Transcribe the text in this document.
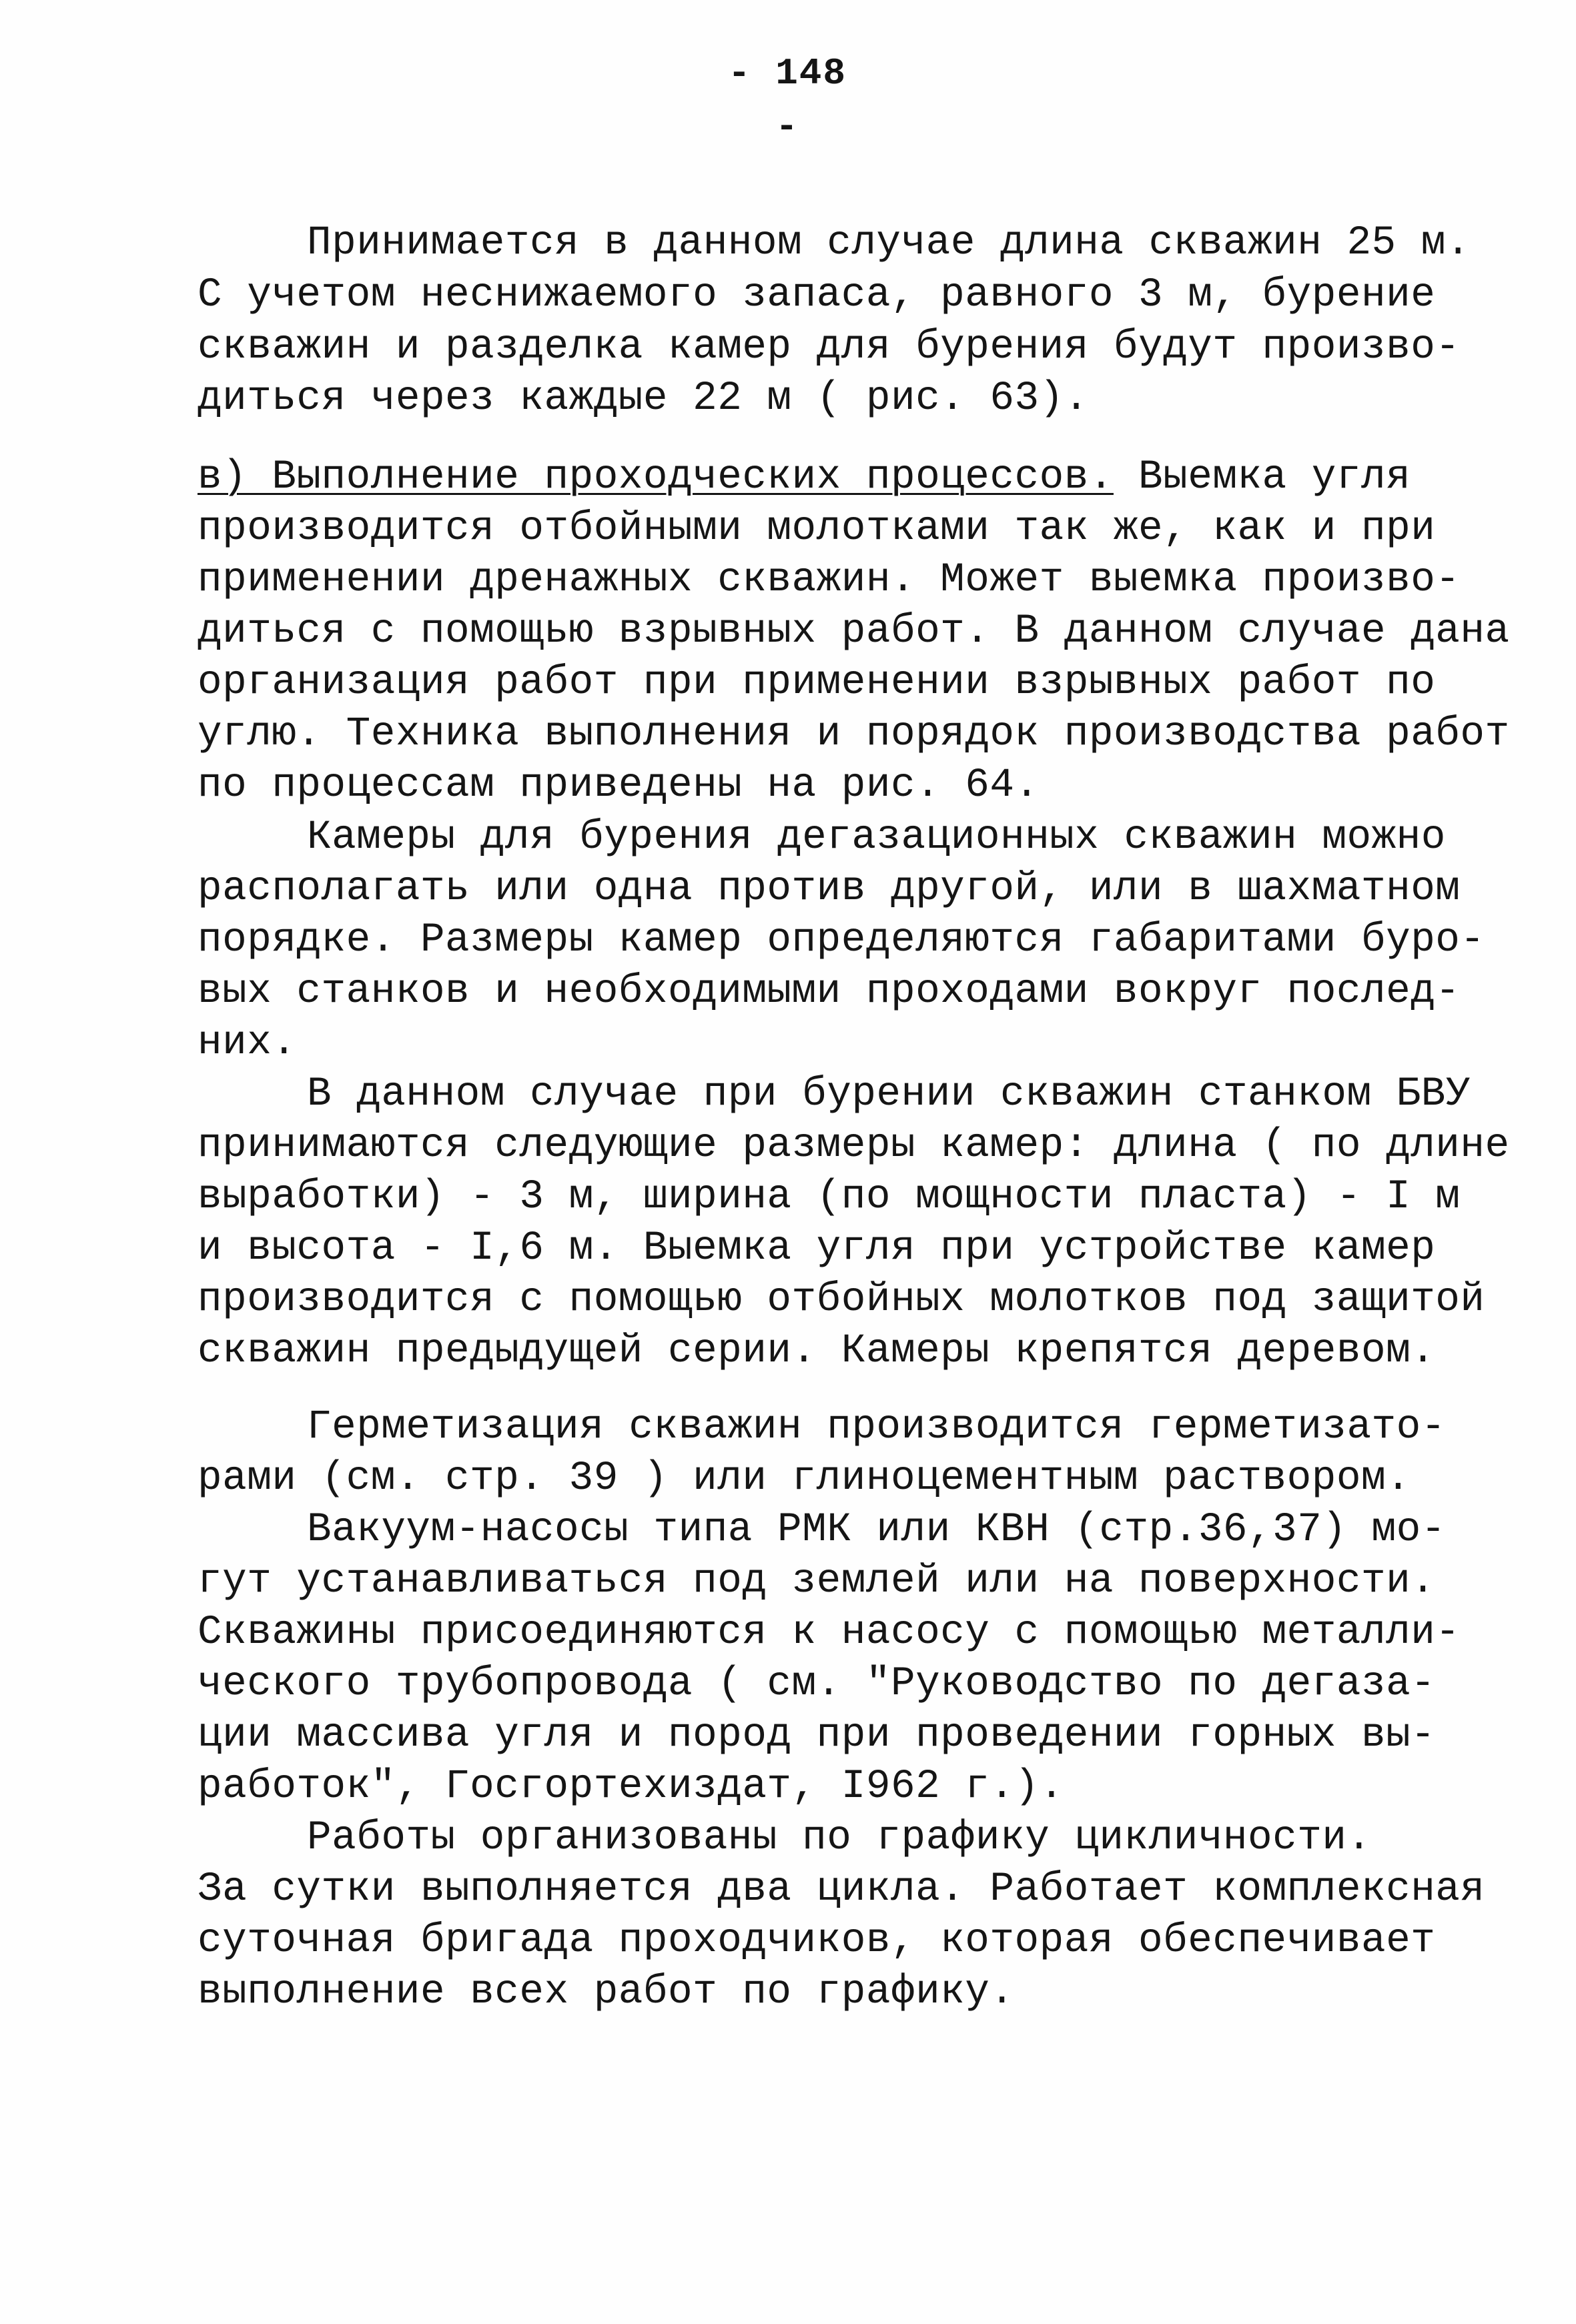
- 148 -
Принимается в данном случае длина скважин 25 м.
С учетом неснижаемого запаса, равного 3 м, бурение
скважин и разделка камер для бурения будут произво-
диться через каждые 22 м ( рис. 63).
в) Выполнение проходческих процессов. Выемка угля
производится отбойными молотками так же, как и при
применении дренажных скважин. Может выемка произво-
диться с помощью взрывных работ. В данном случае дана
организация работ при применении взрывных работ по
углю. Техника выполнения и порядок производства работ
по процессам приведены на рис. 64.
Камеры для бурения дегазационных скважин можно
располагать или одна против другой, или в шахматном
порядке. Размеры камер определяются габаритами буро-
вых станков и необходимыми проходами вокруг послед-
них.
В данном случае при бурении скважин станком БВУ
принимаются следующие размеры камер: длина ( по длине
выработки) - 3 м, ширина (по мощности пласта) - I м
и высота - I,6 м. Выемка угля при устройстве камер
производится с помощью отбойных молотков под защитой
скважин предыдущей серии. Камеры крепятся деревом.
Герметизация скважин производится герметизато-
рами (см. стр. 39 ) или глиноцементным раствором.
Вакуум-насосы типа РМК или КВН (стр.36,37) мо-
гут устанавливаться под землей или на поверхности.
Скважины присоединяются к насосу с помощью металли-
ческого трубопровода ( см. "Руководство по дегаза-
ции массива угля и пород при проведении горных вы-
работок", Госгортехиздат, I962 г.).
Работы организованы по графику цикличности.
За сутки выполняется два цикла. Работает комплексная
суточная бригада проходчиков, которая обеспечивает
выполнение всех работ по графику.
